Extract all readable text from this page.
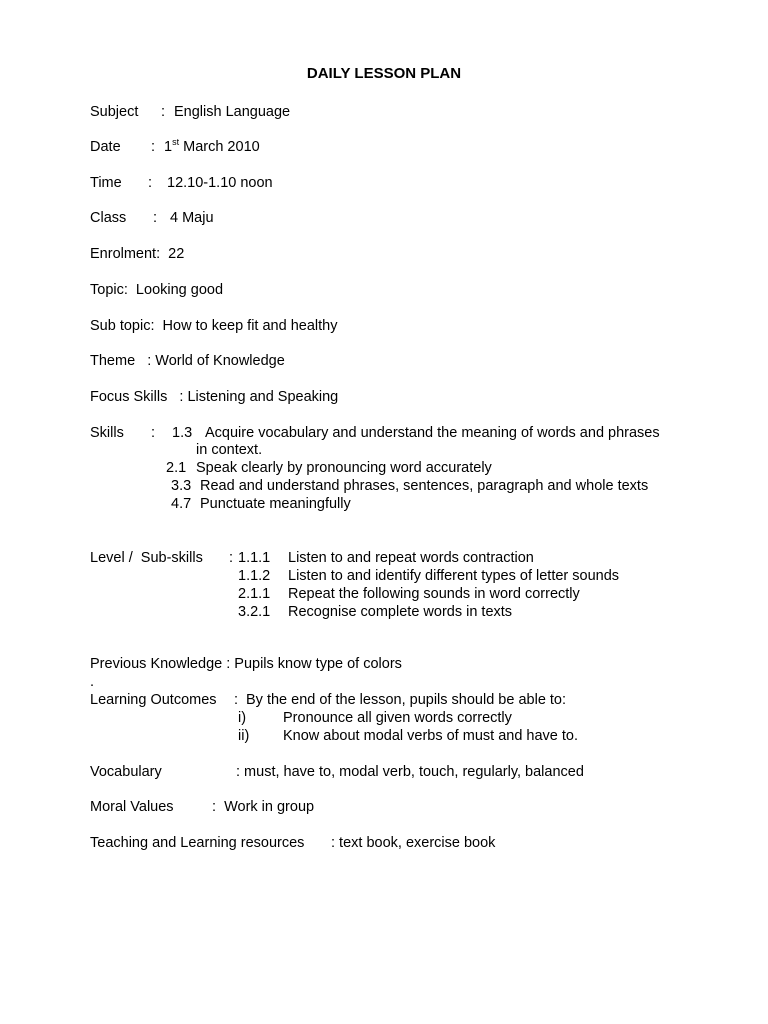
DAILY LESSON PLAN
Subject : English Language
Date : 1st March 2010
Time : 12.10-1.10 noon
Class : 4 Maju
Enrolment:  22
Topic:  Looking good
Sub topic:  How to keep fit and healthy
Theme   : World of Knowledge
Focus Skills   : Listening and Speaking
Skills : 1.3 Acquire vocabulary and understand the meaning of words and phrases
in context.
2.1 Speak clearly by pronouncing word accurately
3.3 Read and understand phrases, sentences, paragraph and whole texts
4.7 Punctuate meaningfully
Level /  Sub-skills : 1.1.1 Listen to and repeat words contraction
1.1.2 Listen to and identify different types of letter sounds
2.1.1 Repeat the following sounds in word correctly
3.2.1 Recognise complete words in texts
Previous Knowledge : Pupils know type of colors
.
Learning Outcomes : By the end of the lesson, pupils should be able to:
i)	Pronounce all given words correctly
ii) Know about modal verbs of must and have to.
Vocabulary	: must, have to, modal verb, touch, regularly, balanced
Moral Values	:  Work in group
Teaching and Learning resources : text book, exercise book
